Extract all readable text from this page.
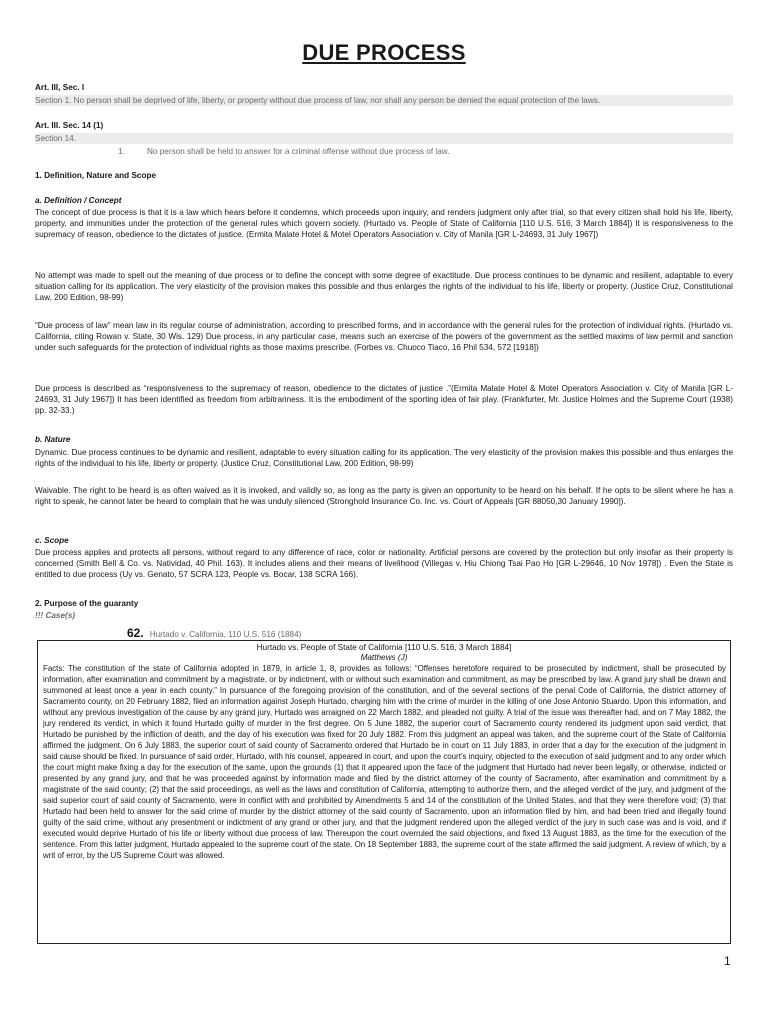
DUE PROCESS
Art. III, Sec. I
Section 1. No person shall be deprived of life, liberty, or property without due process of law, nor shall any person be denied the equal protection of the laws.
Art. III. Sec. 14 (1)
Section 14.
1.	No person shall be held to answer for a criminal offense without due process of law.
1. Definition, Nature and Scope
a. Definition / Concept
The concept of due process is that it is a law which hears before it condemns, which proceeds upon inquiry, and renders judgment only after trial, so that every citizen shall hold his life, liberty, property, and immunities under the protection of the general rules which govern society. (Hurtado vs. People of State of California [110 U.S. 516, 3 March 1884]) It is responsiveness to the supremacy of reason, obedience to the dictates of justice. (Ermita Malate Hotel & Motel Operators Association v. City of Manila [GR L-24693, 31 July 1967])
No attempt was made to spell out the meaning of due process or to define the concept with some degree of exactitude. Due process continues to be dynamic and resilient, adaptable to every situation calling for its application. The very elasticity of the provision makes this possible and thus enlarges the rights of the individual to his life, liberty or property. (Justice Cruz, Constitutional Law, 200 Edition, 98-99)
“Due process of law” mean law in its regular course of administration, according to prescribed forms, and in accordance with the general rules for the protection of individual rights. (Hurtado vs. California, citing Rowan v. State, 30 Wis. 129) Due process, in any particular case, means such an exercise of the powers of the government as the settled maxims of law permit and sanction under such safeguards for the protection of individual rights as those maxims prescribe. (Forbes vs. Chuoco Tiaco, 16 Phil 534, 572 [1918])
Due process is described as “responsiveness to the supremacy of reason, obedience to the dictates of justice .”(Ermita Malate Hotel & Motel Operators Association v. City of Manila [GR L-24693, 31 July 1967]) It has been identified as freedom from arbitrariness. It is the embodiment of the sporting idea of fair play. (Frankfurter, Mr. Justice Holmes and the Supreme Court (1938) pp. 32-33.)
b. Nature
Dynamic. Due process continues to be dynamic and resilient, adaptable to every situation calling for its application. The very elasticity of the provision makes this possible and thus enlarges the rights of the individual to his life, liberty or property. (Justice Cruz, Constitutional Law, 200 Edition, 98-99)
Waivable. The right to be heard is as often waived as it is invoked, and validly so, as long as the party is given an opportunity to be heard on his behalf. If he opts to be silent where he has a right to speak, he cannot later be heard to complain that he was unduly silenced (Stronghold Insurance Co. Inc. vs. Court of Appeals [GR 88050,30 January 1990]).
c. Scope
Due process applies and protects all persons, without regard to any difference of race, color or nationality. Artificial persons are covered by the protection but only insofar as their property is concerned (Smith Bell & Co. vs. Natividad, 40 Phil. 163). It includes aliens and their means of livelihood (Villegas v. Hiu Chiong Tsai Pao Ho [GR L-29646, 10 Nov 1978]) . Even the State is entitled to due process (Uy vs. Genato, 57 SCRA 123, People vs. Bocar, 138 SCRA 166).
2. Purpose of the guaranty
!!! Case(s)
62. Hurtado v. California, 110 U.S. 516 (1884)
Hurtado vs. People of State of California [110 U.S. 516, 3 March 1884]
Matthews (J)
Facts: The constitution of the state of California adopted in 1879, in article 1, 8, provides as follows: “Offenses heretofore required to be prosecuted by indictment, shall be prosecuted by information, after examination and commitment by a magistrate, or by indictment, with or without such examination and commitment, as may be prescribed by law. A grand jury shall be drawn and summoned at least once a year in each county.” In pursuance of the foregoing provision of the constitution, and of the several sections of the penal Code of California, the district attorney of Sacramento county, on 20 February 1882, filed an information against Joseph Hurtado, charging him with the crime of murder in the killing of one Jose Antonio Stuardo. Upon this information, and without any previous investigation of the cause by any grand jury, Hurtado was arraigned on 22 March 1882, and pleaded not guilty. A trial of the issue was thereafter had, and on 7 May 1882, the jury rendered its verdict, in which it found Hurtado guilty of murder in the first degree. On 5 June 1882, the superior court of Sacramento county rendered its judgment upon said verdict, that Hurtado be punished by the infliction of death, and the day of his execution was fixed for 20 July 1882. From this judgment an appeal was taken, and the supreme court of the State of California affirmed the judgment. On 6 July 1883, the superior court of said county of Sacramento ordered that Hurtado be in court on 11 July 1883, in order that a day for the execution of the judgment in said cause should be fixed. In pursuance of said order, Hurtado, with his counsel, appeared in court, and upon the court’s inquiry, objected to the execution of said judgment and to any order which the court might make fixing a day for the execution of the same, upon the grounds (1) that it appeared upon the face of the judgment that Hurtado had never been legally, or otherwise, indicted or presented by any grand jury, and that he was proceeded against by information made and filed by the district attorney of the county of Sacramento, after examination and commitment by a magistrate of the said county; (2) that the said proceedings, as well as the laws and constitution of California, attempting to authorize them, and the alleged verdict of the jury, and judgment of the said superior court of said county of Sacramento, were in conflict with and prohibited by Amendments 5 and 14 of the constitution of the United States, and that they were therefore void; (3) that Hurtado had been held to answer for the said crime of murder by the district attorney of the said county of Sacramento, upon an information filed by him, and had been tried and illegally found guilty of the said crime, without any presentment or indictment of any grand or other jury, and that the judgment rendered upon the alleged verdict of the jury in such case was and is void, and if executed would deprive Hurtado of his life or liberty without due process of law. Thereupon the court overruled the said objections, and fixed 13 August 1883, as the time for the execution of the sentence. From this latter judgment, Hurtado appealed to the supreme court of the state. On 18 September 1883, the supreme court of the state affirmed the said judgment. A review of which, by a writ of error, by the US Supreme Court was allowed.
1
